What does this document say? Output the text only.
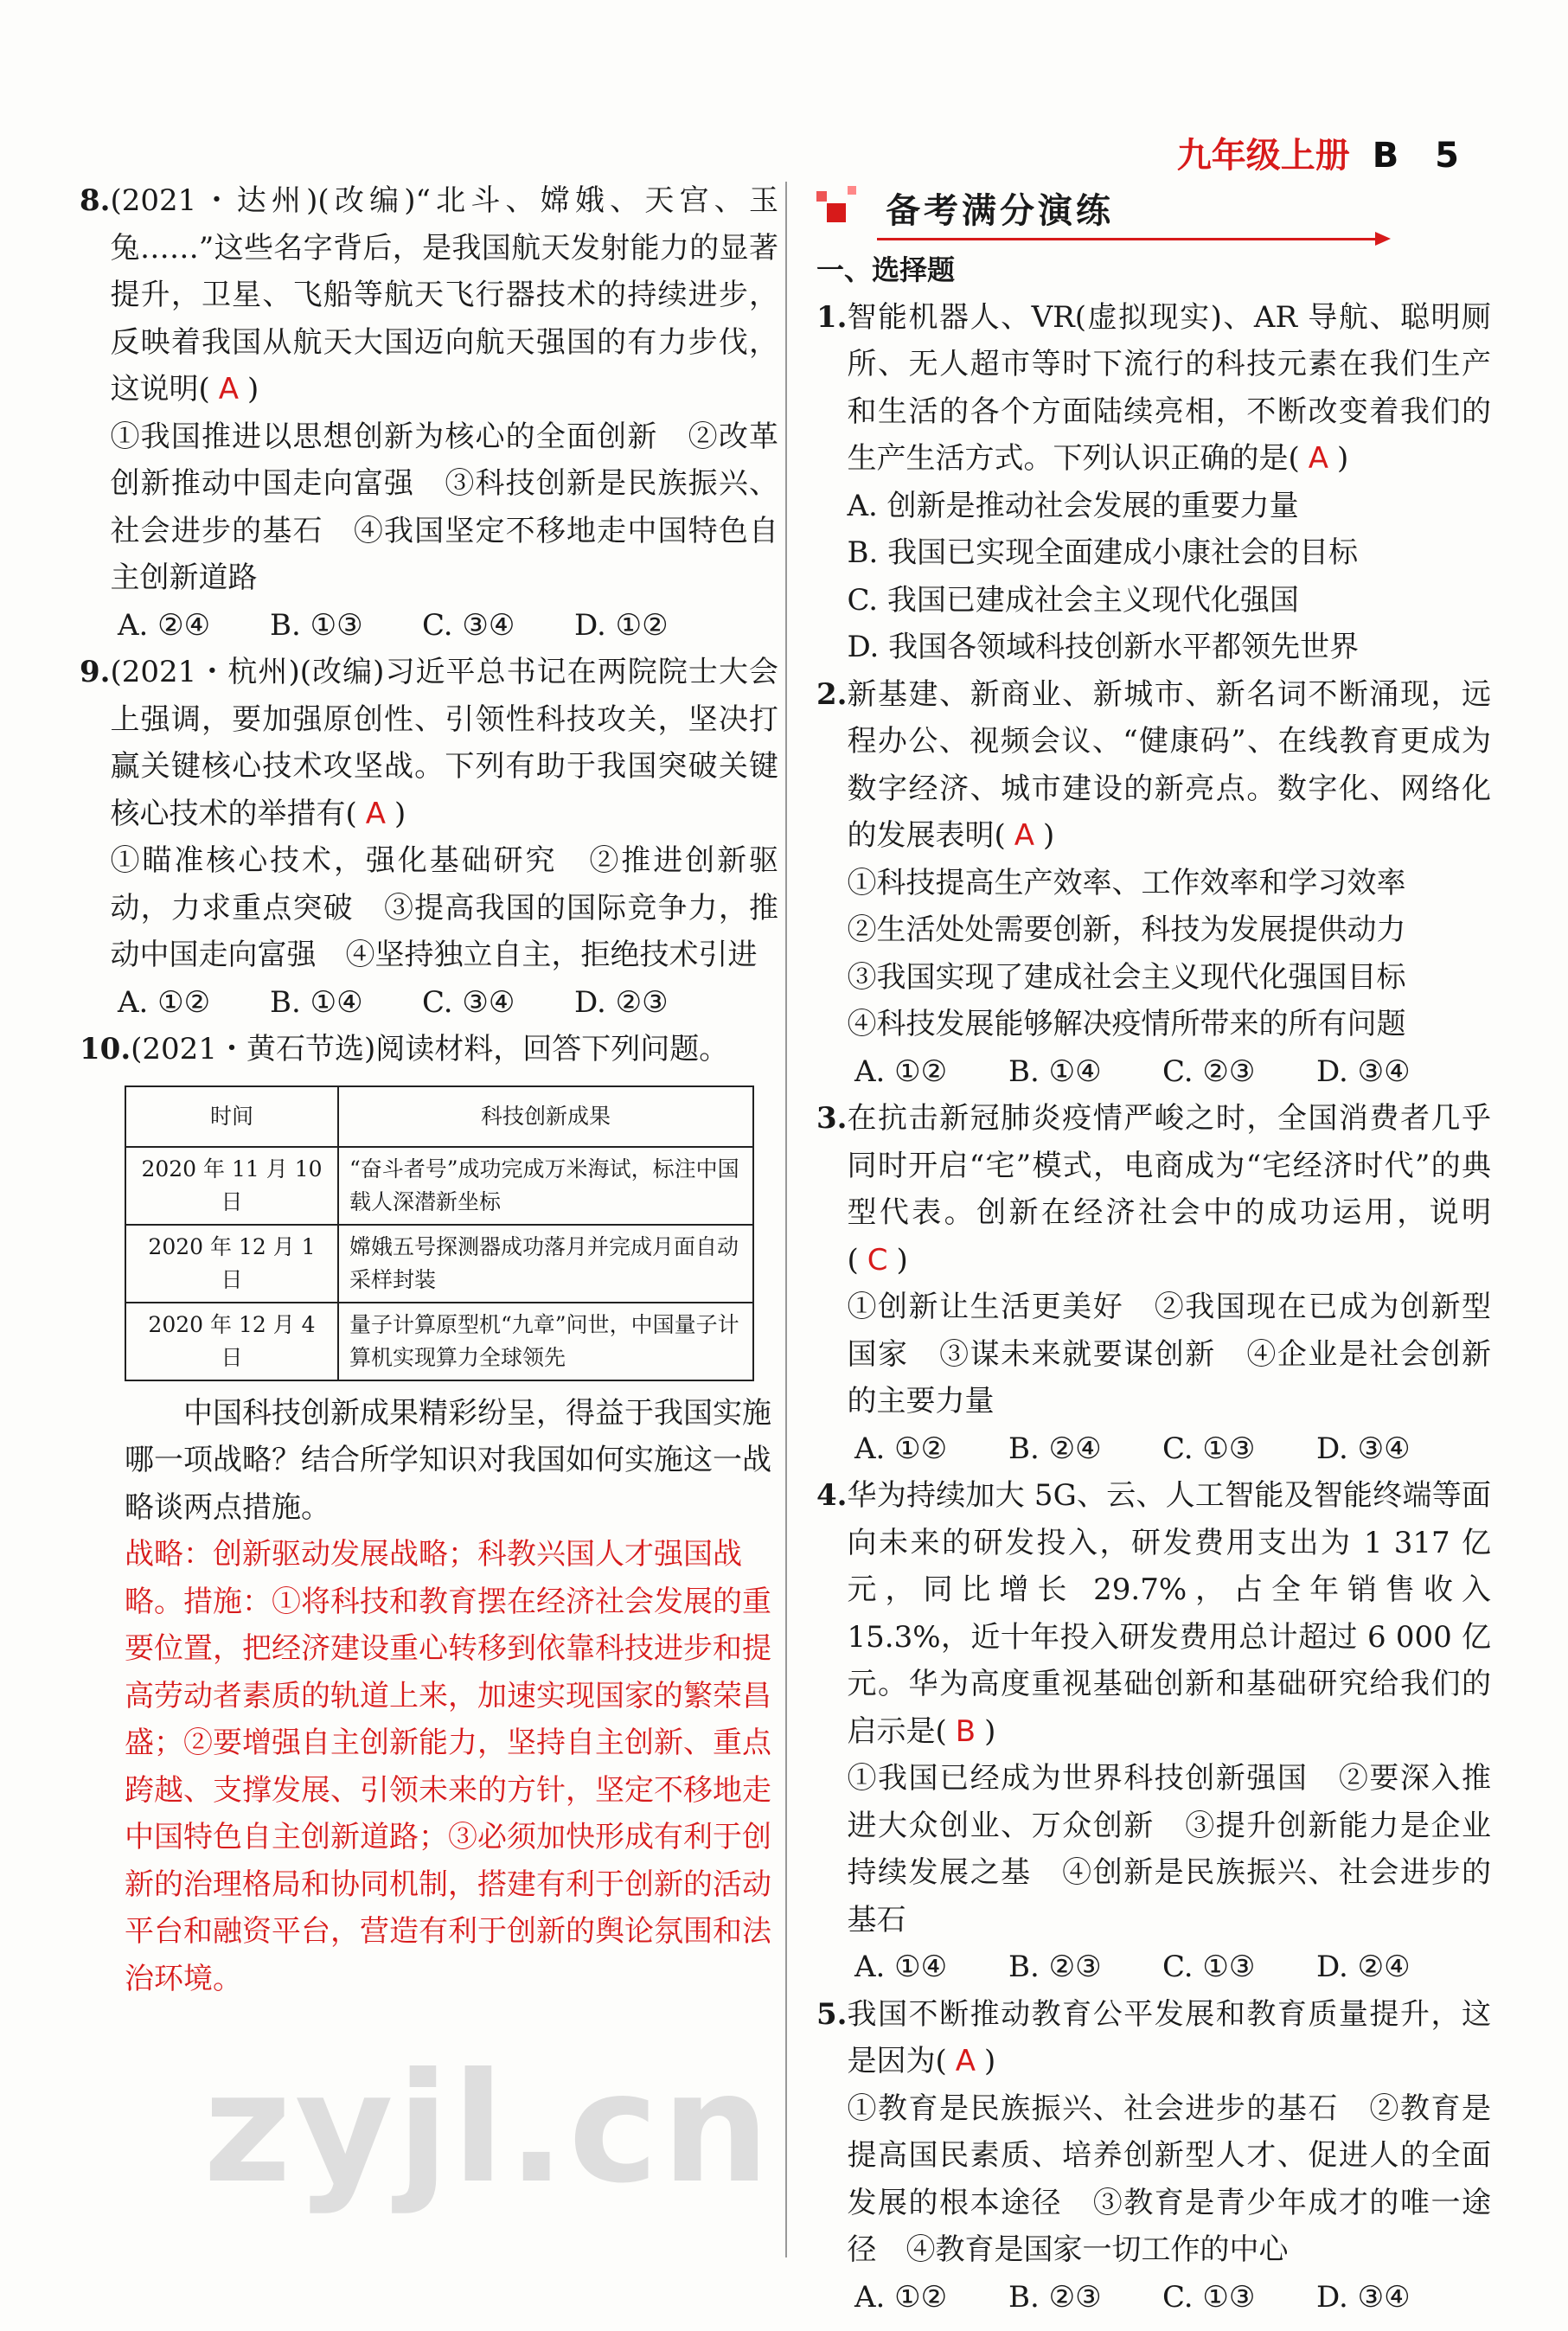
九年级上册 B 5
8. (2021・达州)(改编)“北斗、嫦娥、天宫、玉兔……”这些名字背后，是我国航天发射能力的显著提升，卫星、飞船等航天飞行器技术的持续进步，反映着我国从航天大国迈向航天强国的有力步伐，这说明( A )
①我国推进以思想创新为核心的全面创新　②改革创新推动中国走向富强　③科技创新是民族振兴、社会进步的基石　④我国坚定不移地走中国特色自主创新道路
A. ②④	B. ①③	C. ③④	D. ①②
9. (2021・杭州)(改编)习近平总书记在两院院士大会上强调，要加强原创性、引领性科技攻关，坚决打赢关键核心技术攻坚战。下列有助于我国突破关键核心技术的举措有( A )
①瞄准核心技术，强化基础研究　②推进创新驱动，力求重点突破　③提高我国的国际竞争力，推动中国走向富强　④坚持独立自主，拒绝技术引进
A. ①②	B. ①④	C. ③④	D. ②③
10. (2021・黄石节选)阅读材料，回答下列问题。
时间	科技创新成果
2020 年 11 月 10 日	“奋斗者号”成功完成万米海试，标注中国载人深潜新坐标
2020 年 12 月 1 日	嫦娥五号探测器成功落月并完成月面自动采样封装
2020 年 12 月 4 日	量子计算原型机“九章”问世，中国量子计算机实现算力全球领先
中国科技创新成果精彩纷呈，得益于我国实施哪一项战略？结合所学知识对我国如何实施这一战略谈两点措施。
战略：创新驱动发展战略；科教兴国人才强国战略。措施：①将科技和教育摆在经济社会发展的重要位置，把经济建设重心转移到依靠科技进步和提高劳动者素质的轨道上来，加速实现国家的繁荣昌盛；②要增强自主创新能力，坚持自主创新、重点跨越、支撑发展、引领未来的方针，坚定不移地走中国特色自主创新道路；③必须加快形成有利于创新的治理格局和协同机制，搭建有利于创新的活动平台和融资平台，营造有利于创新的舆论氛围和法治环境。
备考满分演练
一、选择题
1. 智能机器人、VR(虚拟现实)、AR 导航、聪明厕所、无人超市等时下流行的科技元素在我们生产和生活的各个方面陆续亮相，不断改变着我们的生产生活方式。下列认识正确的是( A )
A. 创新是推动社会发展的重要力量
B. 我国已实现全面建成小康社会的目标
C. 我国已建成社会主义现代化强国
D. 我国各领域科技创新水平都领先世界
2. 新基建、新商业、新城市、新名词不断涌现，远程办公、视频会议、“健康码”、在线教育更成为数字经济、城市建设的新亮点。数字化、网络化的发展表明( A )
①科技提高生产效率、工作效率和学习效率
②生活处处需要创新，科技为发展提供动力
③我国实现了建成社会主义现代化强国目标
④科技发展能够解决疫情所带来的所有问题
A. ①②	B. ①④	C. ②③	D. ③④
3. 在抗击新冠肺炎疫情严峻之时，全国消费者几乎同时开启“宅”模式，电商成为“宅经济时代”的典型代表。创新在经济社会中的成功运用，说明( C )
①创新让生活更美好　②我国现在已成为创新型国家　③谋未来就要谋创新　④企业是社会创新的主要力量
A. ①②	B. ②④	C. ①③	D. ③④
4. 华为持续加大 5G、云、人工智能及智能终端等面向未来的研发投入，研发费用支出为 1 317 亿元，同比增长 29.7%，占全年销售收入 15.3%，近十年投入研发费用总计超过 6 000 亿元。华为高度重视基础创新和基础研究给我们的启示是( B )
①我国已经成为世界科技创新强国　②要深入推进大众创业、万众创新　③提升创新能力是企业持续发展之基　④创新是民族振兴、社会进步的基石
A. ①④	B. ②③	C. ①③	D. ②④
5. 我国不断推动教育公平发展和教育质量提升，这是因为( A )
①教育是民族振兴、社会进步的基石　②教育是提高国民素质、培养创新型人才、促进人的全面发展的根本途径　③教育是青少年成才的唯一途径　④教育是国家一切工作的中心
A. ①②	B. ②③	C. ①③	D. ③④
zyjl.cn
